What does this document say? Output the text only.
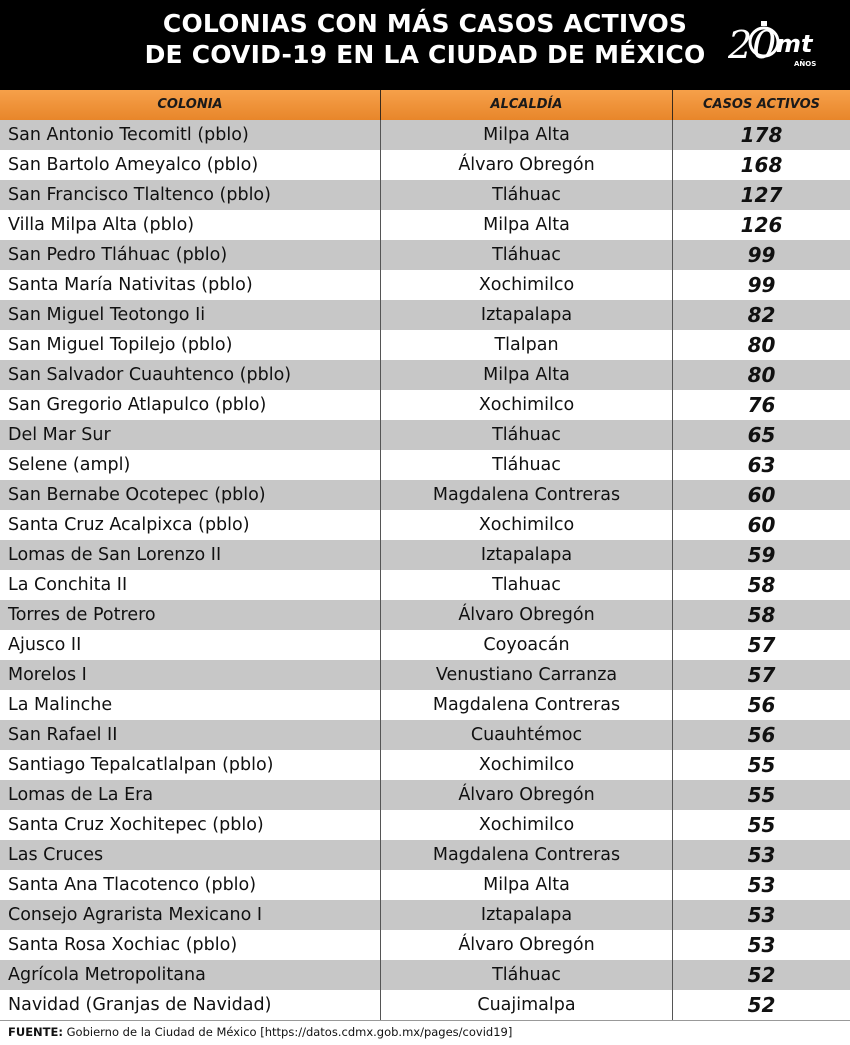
COLONIAS CON MÁS CASOS ACTIVOS
DE COVID-19 EN LA CIUDAD DE MÉXICO 20 mt
AÑOS
COLONIA	ALCALDÍA	CASOS ACTIVOS
San Antonio Tecomitl (pblo)	Milpa Alta	178
San Bartolo Ameyalco (pblo)	Álvaro Obregón	168
San Francisco Tlaltenco (pblo)	Tláhuac	127
Villa Milpa Alta (pblo)	Milpa Alta	126
San Pedro Tláhuac (pblo)	Tláhuac	99
Santa María Nativitas (pblo)	Xochimilco	99
San Miguel Teotongo Ii	Iztapalapa	82
San Miguel Topilejo (pblo)	Tlalpan	80
San Salvador Cuauhtenco (pblo)	Milpa Alta	80
San Gregorio Atlapulco (pblo)	Xochimilco	76
Del Mar Sur	Tláhuac	65
Selene (ampl)	Tláhuac	63
San Bernabe Ocotepec (pblo)	Magdalena Contreras	60
Santa Cruz Acalpixca (pblo)	Xochimilco	60
Lomas de San Lorenzo II	Iztapalapa	59
La Conchita II	Tlahuac	58
Torres de Potrero	Álvaro Obregón	58
Ajusco II	Coyoacán	57
Morelos I	Venustiano Carranza	57
La Malinche	Magdalena Contreras	56
San Rafael II	Cuauhtémoc	56
Santiago Tepalcatlalpan (pblo)	Xochimilco	55
Lomas de La Era	Álvaro Obregón	55
Santa Cruz Xochitepec (pblo)	Xochimilco	55
Las Cruces	Magdalena Contreras	53
Santa Ana Tlacotenco (pblo)	Milpa Alta	53
Consejo Agrarista Mexicano I	Iztapalapa	53
Santa Rosa Xochiac (pblo)	Álvaro Obregón	53
Agrícola Metropolitana	Tláhuac	52
Navidad (Granjas de Navidad)	Cuajimalpa	52
FUENTE: Gobierno de la Ciudad de México [https://datos.cdmx.gob.mx/pages/covid19]
